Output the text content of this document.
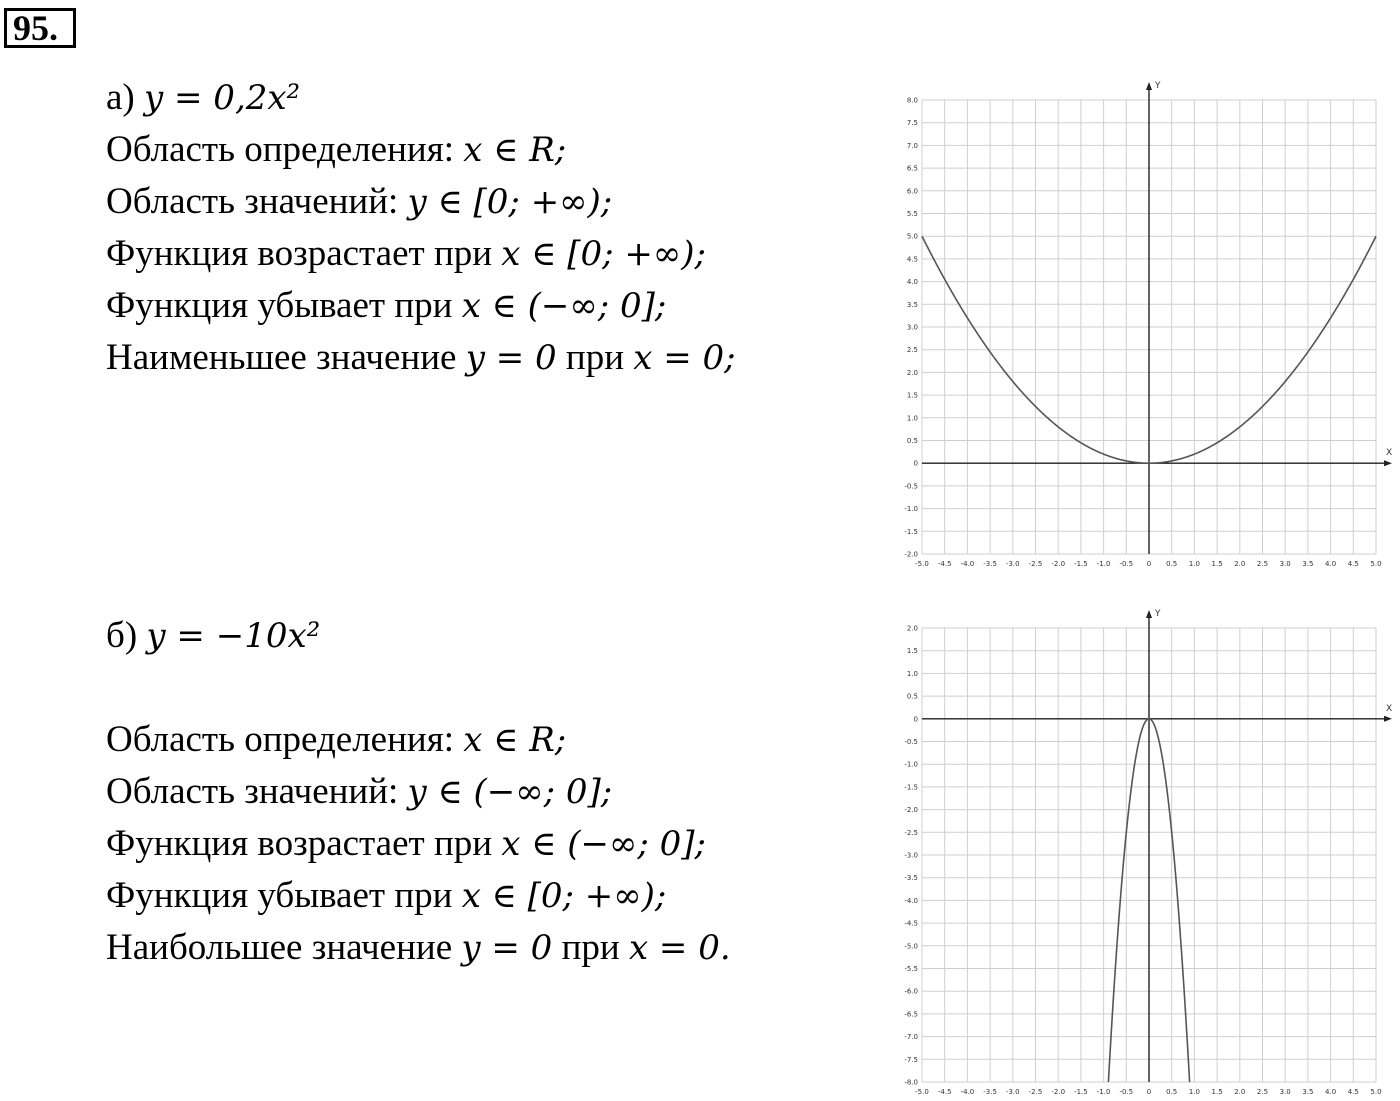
95.
а) y = 0,2x²
Область определения: x ∈ R;
Область значений: y ∈ [0; +∞);
Функция возрастает при x ∈ [0; +∞);
Функция убывает при x ∈ (−∞; 0];
Наименьшее значение y = 0 при x = 0;
б) y = −10x²
Область определения: x ∈ R;
Область значений: y ∈ (−∞; 0];
Функция возрастает при x ∈ (−∞; 0];
Функция убывает при x ∈ [0; +∞);
Наибольшее значение y = 0 при x = 0.
X
Y
-5.0 -4.5 -4.0 -3.5 -3.0 -2.5 -2.0 -1.5 -1.0 -0.5 0 0.5 1.0 1.5 2.0 2.5 3.0 3.5 4.0 4.5 5.0
8.0
7.5
7.0
6.5
6.0
5.5
5.0
4.5
4.0
3.5
3.0
2.5
2.0
1.5
1.0
0.5
0
-0.5
-1.0
-1.5
-2.0
X
Y
-5.0 -4.5 -4.0 -3.5 -3.0 -2.5 -2.0 -1.5 -1.0 -0.5 0 0.5 1.0 1.5 2.0 2.5 3.0 3.5 4.0 4.5 5.0
2.0
1.5
1.0
0.5
0
-0.5
-1.0
-1.5
-2.0
-2.5
-3.0
-3.5
-4.0
-4.5
-5.0
-5.5
-6.0
-6.5
-7.0
-7.5
-8.0
